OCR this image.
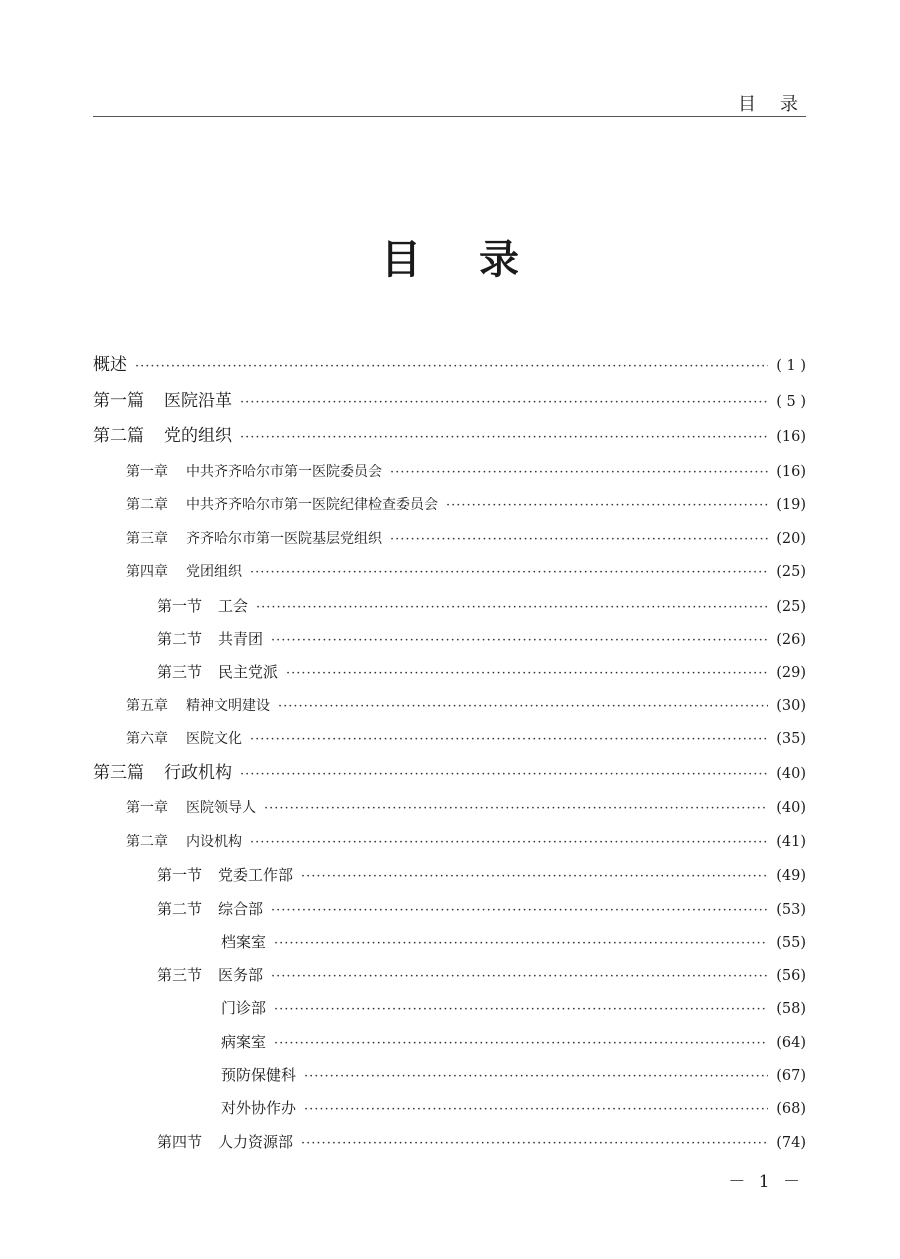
目录
目录
概述 ·····	( 1 )
第一篇 医院沿革 ·····	( 5 )
第二篇 党的组织 ·····	(16)
第一章 中共齐齐哈尔市第一医院委员会 ·····	(16)
第二章 中共齐齐哈尔市第一医院纪律检查委员会 ·····	(19)
第三章 齐齐哈尔市第一医院基层党组织 ·····	(20)
第四章 党团组织 ·····	(25)
第一节 工会 ·····	(25)
第二节 共青团 ·····	(26)
第三节 民主党派 ·····	(29)
第五章 精神文明建设 ·····	(30)
第六章 医院文化 ·····	(35)
第三篇 行政机构 ·····	(40)
第一章 医院领导人 ·····	(40)
第二章 内设机构 ·····	(41)
第一节 党委工作部 ·····	(49)
第二节 综合部 ·····	(53)
档案室 ·····	(55)
第三节 医务部 ·····	(56)
门诊部 ·····	(58)
病案室 ·····	(64)
预防保健科 ·····	(67)
对外协作办 ·····	(68)
第四节 人力资源部 ·····	(74)
－ 1 －
